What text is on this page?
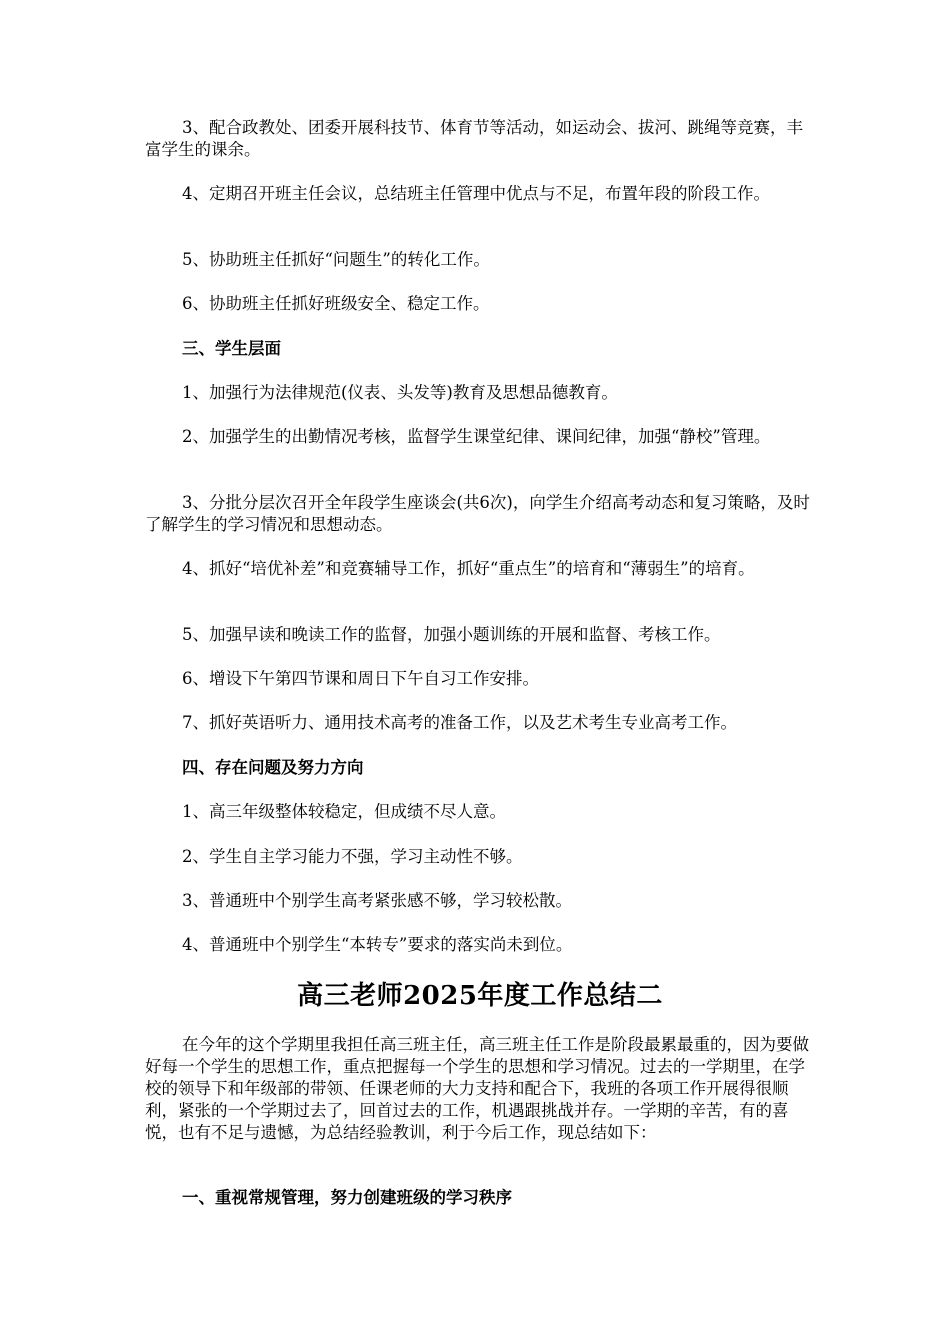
3、配合政教处、团委开展科技节、体育节等活动，如运动会、拔河、跳绳等竞赛，丰富学生的课余。

4、定期召开班主任会议，总结班主任管理中优点与不足，布置年段的阶段工作。

5、协助班主任抓好“问题生”的转化工作。

6、协助班主任抓好班级安全、稳定工作。

三、学生层面

1、加强行为法律规范(仪表、头发等)教育及思想品德教育。

2、加强学生的出勤情况考核，监督学生课堂纪律、课间纪律，加强“静校”管理。

3、分批分层次召开全年段学生座谈会(共6次)，向学生介绍高考动态和复习策略，及时了解学生的学习情况和思想动态。

4、抓好“培优补差”和竞赛辅导工作，抓好“重点生”的培育和“薄弱生”的培育。

5、加强早读和晚读工作的监督，加强小题训练的开展和监督、考核工作。

6、增设下午第四节课和周日下午自习工作安排。

7、抓好英语听力、通用技术高考的准备工作，以及艺术考生专业高考工作。

四、存在问题及努力方向

1、高三年级整体较稳定，但成绩不尽人意。

2、学生自主学习能力不强，学习主动性不够。

3、普通班中个别学生高考紧张感不够，学习较松散。

4、普通班中个别学生“本转专”要求的落实尚未到位。

高三老师2025年度工作总结二

在今年的这个学期里我担任高三班主任，高三班主任工作是阶段最累最重的，因为要做好每一个学生的思想工作，重点把握每一个学生的思想和学习情况。过去的一学期里，在学校的领导下和年级部的带领、任课老师的大力支持和配合下，我班的各项工作开展得很顺利，紧张的一个学期过去了，回首过去的工作，机遇跟挑战并存。一学期的辛苦，有的喜悦，也有不足与遗憾，为总结经验教训，利于今后工作，现总结如下：

一、重视常规管理，努力创建班级的学习秩序
